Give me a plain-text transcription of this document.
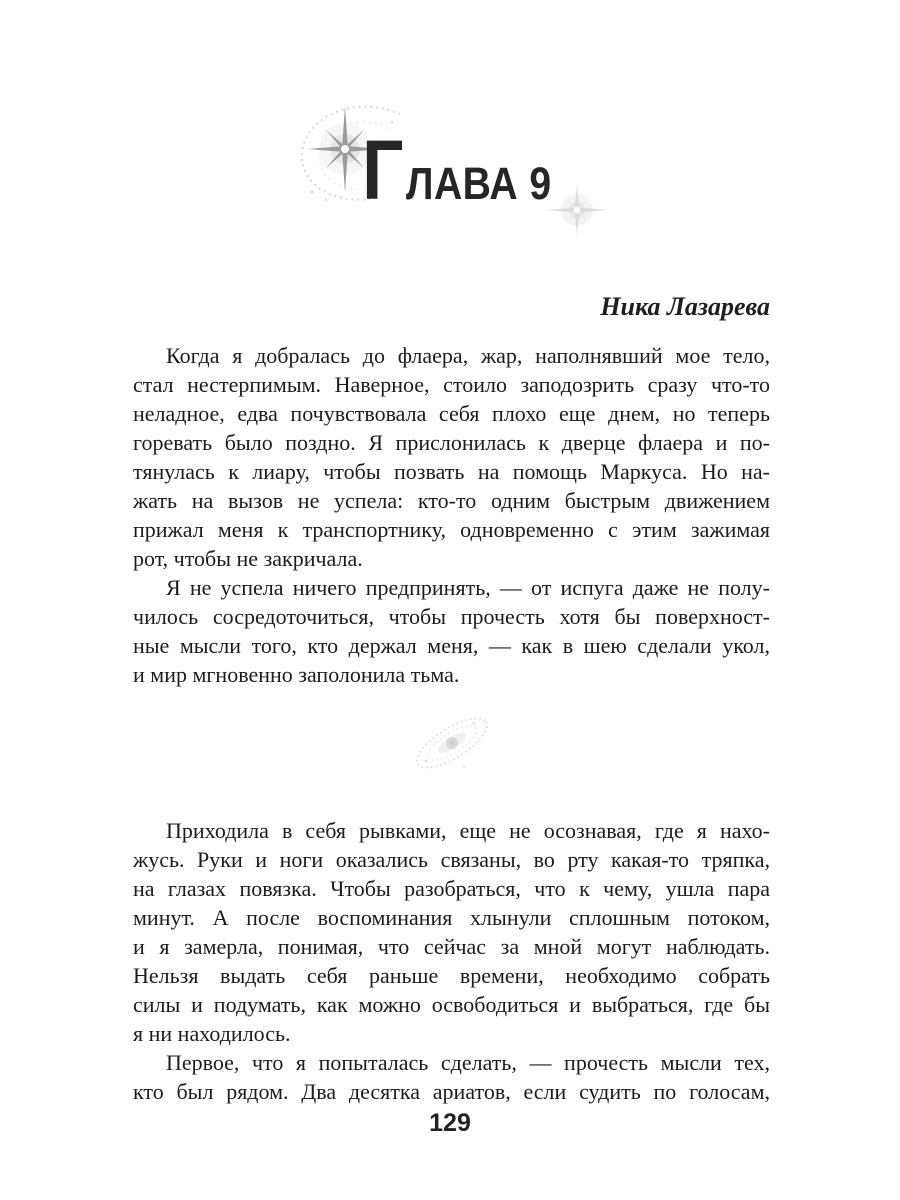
Г ЛАВА 9
Ника Лазарева
Когда я добралась до флаера, жар, наполнявший мое тело,
стал нестерпимым. Наверное, стоило заподозрить сразу что-то
неладное, едва почувствовала себя плохо еще днем, но теперь
горевать было поздно. Я прислонилась к дверце флаера и по-
тянулась к лиару, чтобы позвать на помощь Маркуса. Но на-
жать на вызов не успела: кто-то одним быстрым движением
прижал меня к транспортнику, одновременно с этим зажимая
рот, чтобы не закричала.
Я не успела ничего предпринять, — от испуга даже не полу-
чилось сосредоточиться, чтобы прочесть хотя бы поверхност-
ные мысли того, кто держал меня, — как в шею сделали укол,
и мир мгновенно заполонила тьма.
Приходила в себя рывками, еще не осознавая, где я нахо-
жусь. Руки и ноги оказались связаны, во рту какая-то тряпка,
на глазах повязка. Чтобы разобраться, что к чему, ушла пара
минут. А после воспоминания хлынули сплошным потоком,
и я замерла, понимая, что сейчас за мной могут наблюдать.
Нельзя выдать себя раньше времени, необходимо собрать
силы и подумать, как можно освободиться и выбраться, где бы
я ни находилось.
Первое, что я попыталась сделать, — прочесть мысли тех,
кто был рядом. Два десятка ариатов, если судить по голосам,
129
